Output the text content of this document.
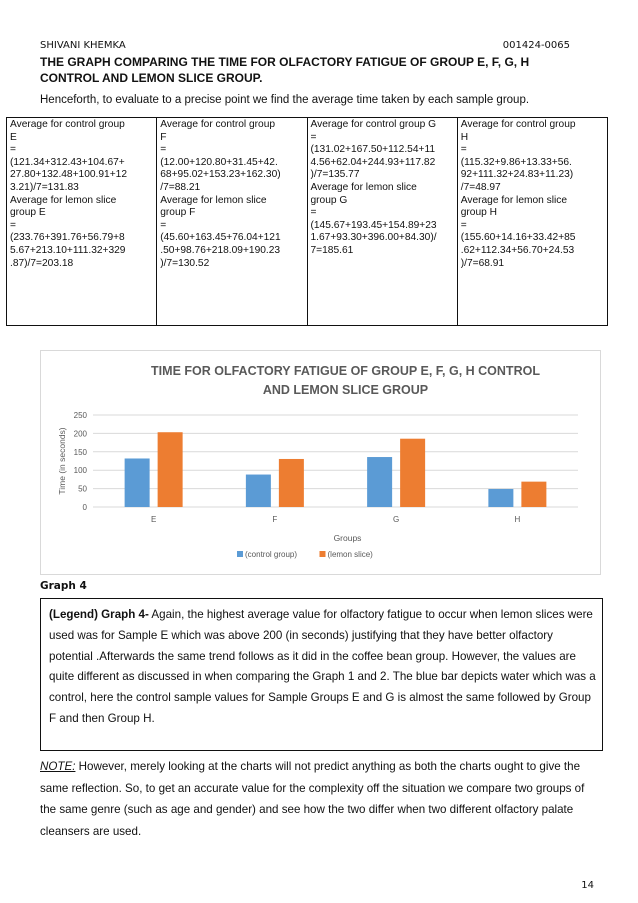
SHIVANI KHEMKA	001424-0065
THE GRAPH COMPARING THE TIME FOR OLFACTORY FATIGUE OF GROUP E, F, G, H CONTROL AND LEMON SLICE GROUP.
Henceforth, to evaluate to a precise point we find the average time taken by each sample group.
Average for control group
E
=
(121.34+312.43+104.67+
27.80+132.48+100.91+12
3.21)/7=131.83
Average for lemon slice
group E
=
(233.76+391.76+56.79+8
5.67+213.10+111.32+329
.87)/7=203.18

Average for control group
F
=
(12.00+120.80+31.45+42.
68+95.02+153.23+162.30)
/7=88.21
Average for lemon slice
group F
=
(45.60+163.45+76.04+121
.50+98.76+218.09+190.23
)/7=130.52

Average for control group G
=
(131.02+167.50+112.54+11
4.56+62.04+244.93+117.82
)/7=135.77
Average for lemon slice
group G
=
(145.67+193.45+154.89+23
1.67+93.30+396.00+84.30)/
7=185.61

Average for control group
H
=
(115.32+9.86+13.33+56.
92+111.32+24.83+11.23)
/7=48.97
Average for lemon slice
group H
=
(155.60+14.16+33.42+85
.62+112.34+56.70+24.53
)/7=68.91
TIME FOR OLFACTORY FATIGUE OF GROUP E, F, G, H CONTROL
AND LEMON SLICE GROUP
0
50
100
150
200
250
Time (in seconds)
E	F	G	H
Groups
(control group)	(lemon slice)
Graph 4
(Legend) Graph 4- Again, the highest average value for olfactory fatigue to occur when lemon slices were used was for Sample E which was above 200 (in seconds) justifying that they have better olfactory potential .Afterwards the same trend follows as it did in the coffee bean group. However, the values are quite different as discussed in when comparing the Graph 1 and 2. The blue bar depicts water which was a control, here the control sample values for Sample Groups E and G is almost the same followed by Group F and then Group H.
NOTE: However, merely looking at the charts will not predict anything as both the charts ought to give the same reflection. So, to get an accurate value for the complexity off the situation we compare two groups of the same genre (such as age and gender) and see how the two differ when two different olfactory palate cleansers are used.
14
